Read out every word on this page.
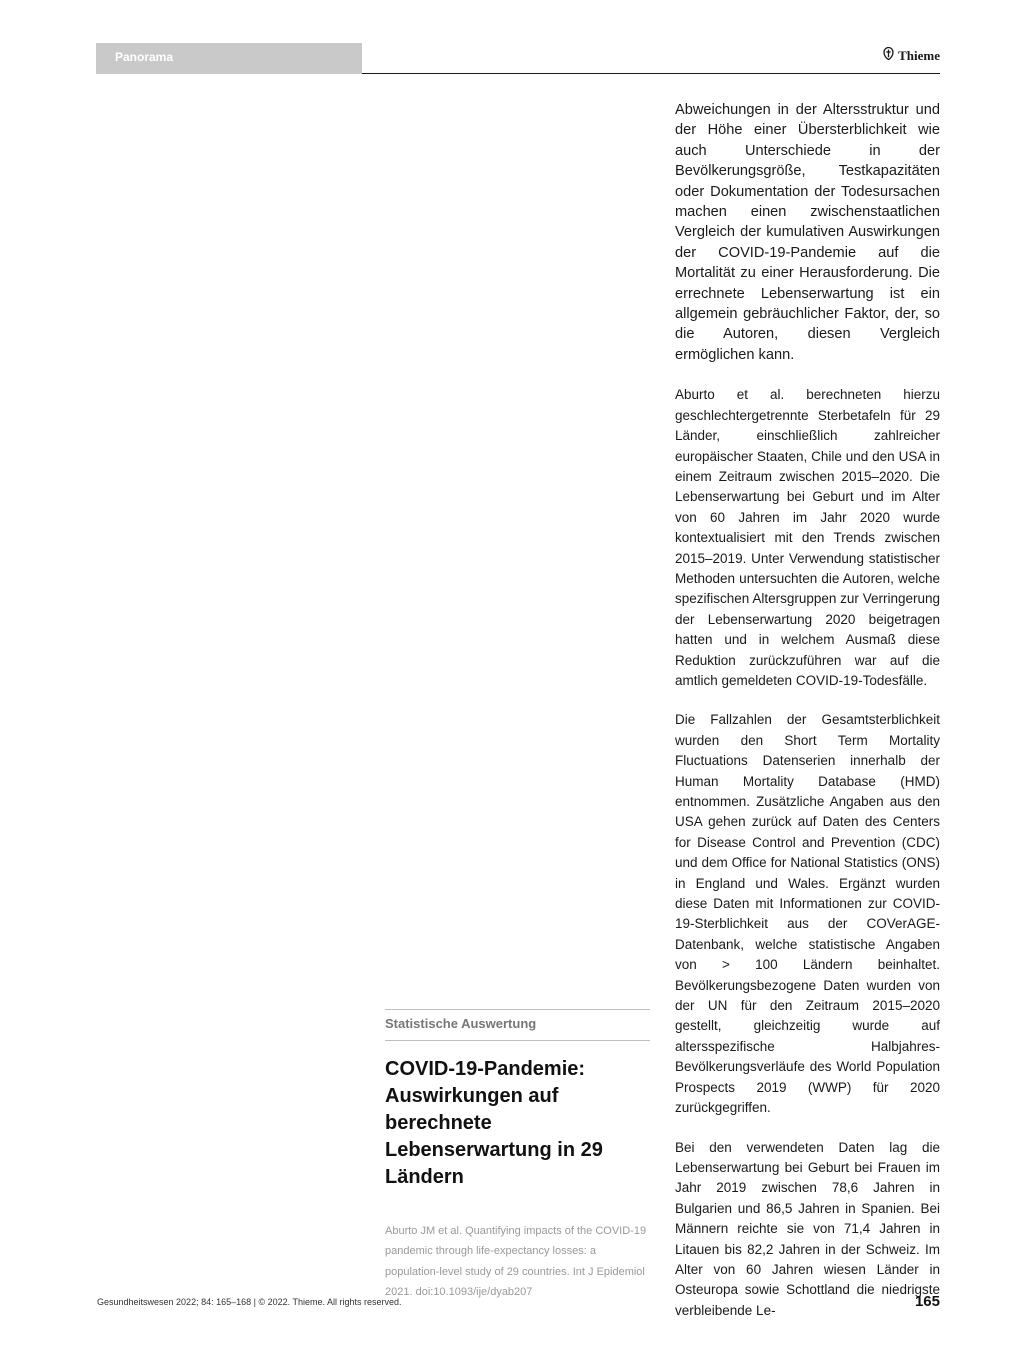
Panorama	Thieme

Abweichungen in der Altersstruktur und der Höhe einer Übersterblichkeit wie auch Unterschiede in der Bevölkerungsgröße, Testkapazitäten oder Dokumentation der Todesursachen machen einen zwischenstaatlichen Vergleich der kumulativen Auswirkungen der COVID-19-Pandemie auf die Mortalität zu einer Herausforderung. Die errechnete Lebenserwartung ist ein allgemein gebräuchlicher Faktor, der, so die Autoren, diesen Vergleich ermöglichen kann.

Aburto et al. berechneten hierzu geschlechtergetrennte Sterbetafeln für 29 Länder, einschließlich zahlreicher europäischer Staaten, Chile und den USA in einem Zeitraum zwischen 2015–2020. Die Lebenserwartung bei Geburt und im Alter von 60 Jahren im Jahr 2020 wurde kontextualisiert mit den Trends zwischen 2015–2019. Unter Verwendung statistischer Methoden untersuchten die Autoren, welche spezifischen Altersgruppen zur Verringerung der Lebenserwartung 2020 beigetragen hatten und in welchem Ausmaß diese Reduktion zurückzuführen war auf die amtlich gemeldeten COVID-19-Todesfälle.

Die Fallzahlen der Gesamtsterblichkeit wurden den Short Term Mortality Fluctuations Datenserien innerhalb der Human Mortality Database (HMD) entnommen. Zusätzliche Angaben aus den USA gehen zurück auf Daten des Centers for Disease Control and Prevention (CDC) und dem Office for National Statistics (ONS) in England und Wales. Ergänzt wurden diese Daten mit Informationen zur COVID-19-Sterblichkeit aus der COVerAGE-Datenbank, welche statistische Angaben von > 100 Ländern beinhaltet. Bevölkerungsbezogene Daten wurden von der UN für den Zeitraum 2015–2020 gestellt, gleichzeitig wurde auf altersspezifische Halbjahres-Bevölkerungsverläufe des World Population Prospects 2019 (WWP) für 2020 zurückgegriffen.

Bei den verwendeten Daten lag die Lebenserwartung bei Geburt bei Frauen im Jahr 2019 zwischen 78,6 Jahren in Bulgarien und 86,5 Jahren in Spanien. Bei Männern reichte sie von 71,4 Jahren in Litauen bis 82,2 Jahren in der Schweiz. Im Alter von 60 Jahren wiesen Länder in Osteuropa sowie Schottland die niedrigste verbleibende Le-

Statistische Auswertung
COVID-19-Pandemie: Auswirkungen auf berechnete Lebenserwartung in 29 Ländern
Aburto JM et al. Quantifying impacts of the COVID-19 pandemic through life-expectancy losses: a population-level study of 29 countries. Int J Epidemiol 2021. doi:10.1093/ije/dyab207
Gesundheitswesen 2022; 84: 165–168 | © 2022. Thieme. All rights reserved.	165
